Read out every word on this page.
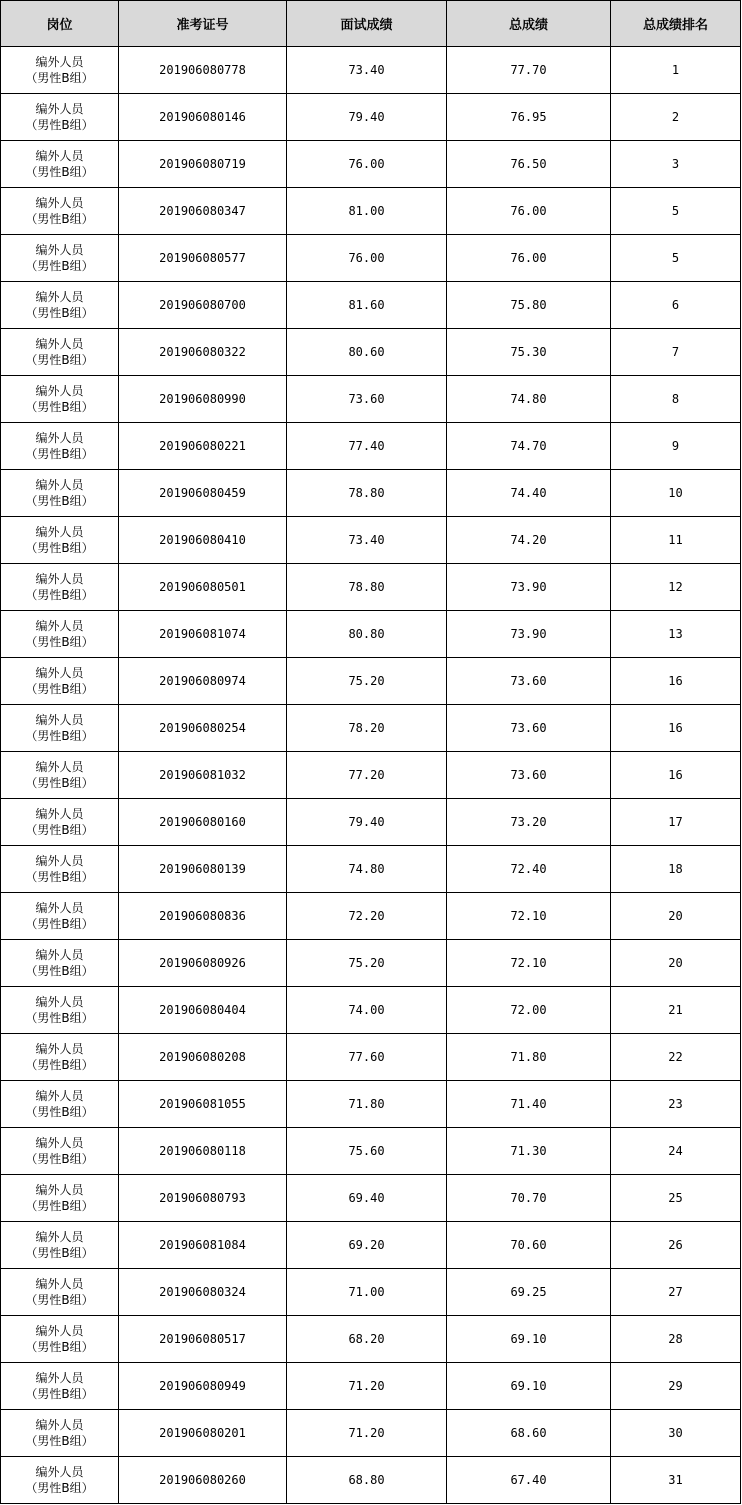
岗位	准考证号	面试成绩	总成绩	总成绩排名

编外人员
（男性B组）	201906080778	73.40	77.70	1

编外人员
（男性B组）	201906080146	79.40	76.95	2

编外人员
（男性B组）	201906080719	76.00	76.50	3

编外人员
（男性B组）	201906080347	81.00	76.00	5

编外人员
（男性B组）	201906080577	76.00	76.00	5

编外人员
（男性B组）	201906080700	81.60	75.80	6

编外人员
（男性B组）	201906080322	80.60	75.30	7

编外人员
（男性B组）	201906080990	73.60	74.80	8

编外人员
（男性B组）	201906080221	77.40	74.70	9

编外人员
（男性B组）	201906080459	78.80	74.40	10

编外人员
（男性B组）	201906080410	73.40	74.20	11

编外人员
（男性B组）	201906080501	78.80	73.90	12

编外人员
（男性B组）	201906081074	80.80	73.90	13

编外人员
（男性B组）	201906080974	75.20	73.60	16

编外人员
（男性B组）	201906080254	78.20	73.60	16

编外人员
（男性B组）	201906081032	77.20	73.60	16

编外人员
（男性B组）	201906080160	79.40	73.20	17

编外人员
（男性B组）	201906080139	74.80	72.40	18

编外人员
（男性B组）	201906080836	72.20	72.10	20

编外人员
（男性B组）	201906080926	75.20	72.10	20

编外人员
（男性B组）	201906080404	74.00	72.00	21

编外人员
（男性B组）	201906080208	77.60	71.80	22

编外人员
（男性B组）	201906081055	71.80	71.40	23

编外人员
（男性B组）	201906080118	75.60	71.30	24

编外人员
（男性B组）	201906080793	69.40	70.70	25

编外人员
（男性B组）	201906081084	69.20	70.60	26

编外人员
（男性B组）	201906080324	71.00	69.25	27

编外人员
（男性B组）	201906080517	68.20	69.10	28

编外人员
（男性B组）	201906080949	71.20	69.10	29

编外人员
（男性B组）	201906080201	71.20	68.60	30

编外人员
（男性B组）	201906080260	68.80	67.40	31
